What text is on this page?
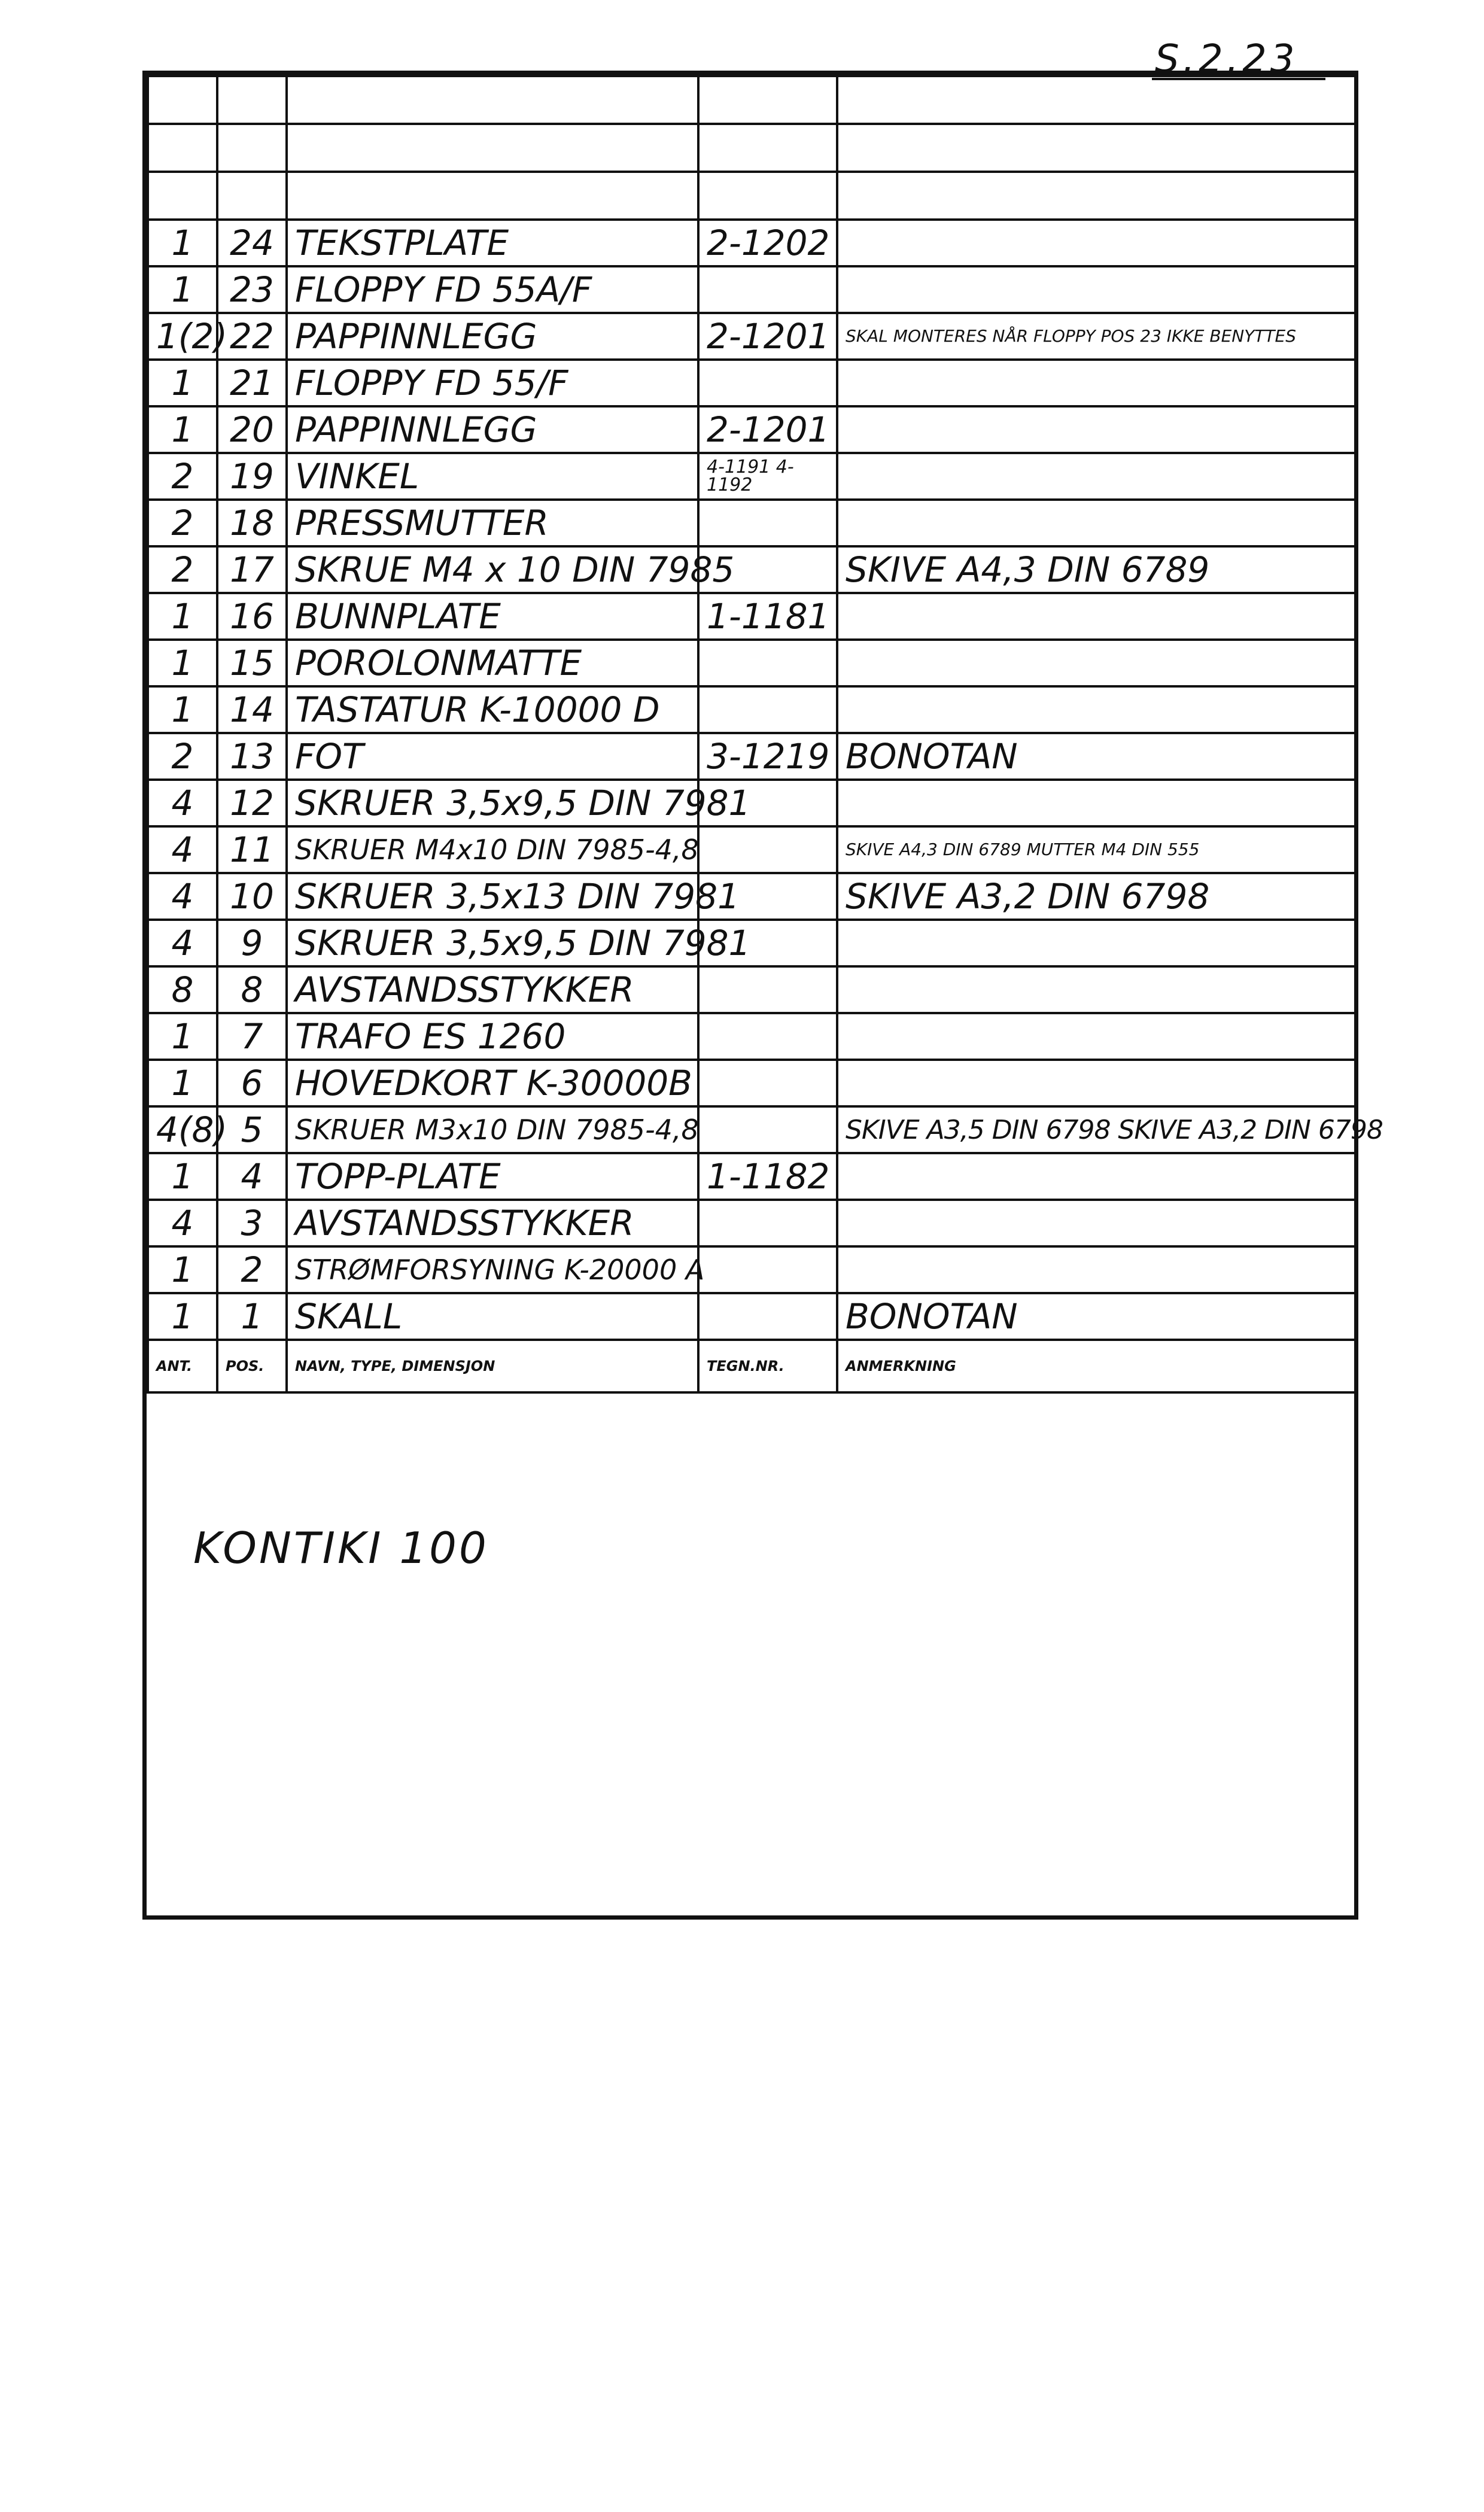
S.2.23

1	24	TEKSTPLATE	2-1202	
1	23	FLOPPY FD 55A/F		
1(2)	22	PAPPINNLEGG	2-1201	SKAL MONTERES NÅR FLOPPY POS 23 IKKE BENYTTES
1	21	FLOPPY FD 55/F		
1	20	PAPPINNLEGG	2-1201	
2	19	VINKEL	4-1191 4-1192	
2	18	PRESSMUTTER		
2	17	SKRUE M4 x 10 DIN 7985		SKIVE A4,3 DIN 6789
1	16	BUNNPLATE	1-1181	
1	15	POROLONMATTE		
1	14	TASTATUR K-10000 D		
2	13	FOT	3-1219	BONOTAN
4	12	SKRUER 3,5x9,5 DIN 7981		
4	11	SKRUER M4x10 DIN 7985-4,8		SKIVE A4,3 DIN 6789 MUTTER M4 DIN 555
4	10	SKRUER 3,5x13 DIN 7981		SKIVE A3,2 DIN 6798
4	9	SKRUER 3,5x9,5 DIN 7981		
8	8	AVSTANDSSTYKKER		
1	7	TRAFO ES 1260		
1	6	HOVEDKORT K-30000B		
4(8)	5	SKRUER M3x10 DIN 7985-4,8		SKIVE A3,5 DIN 6798 SKIVE A3,2 DIN 6798
1	4	TOPP-PLATE	1-1182	
4	3	AVSTANDSSTYKKER		
1	2	STRØMFORSYNING K-20000 A		
1	1	SKALL		BONOTAN
ANT.	POS.	NAVN, TYPE, DIMENSJON	TEGN.NR.	ANMERKNING
KONTIKI 100
